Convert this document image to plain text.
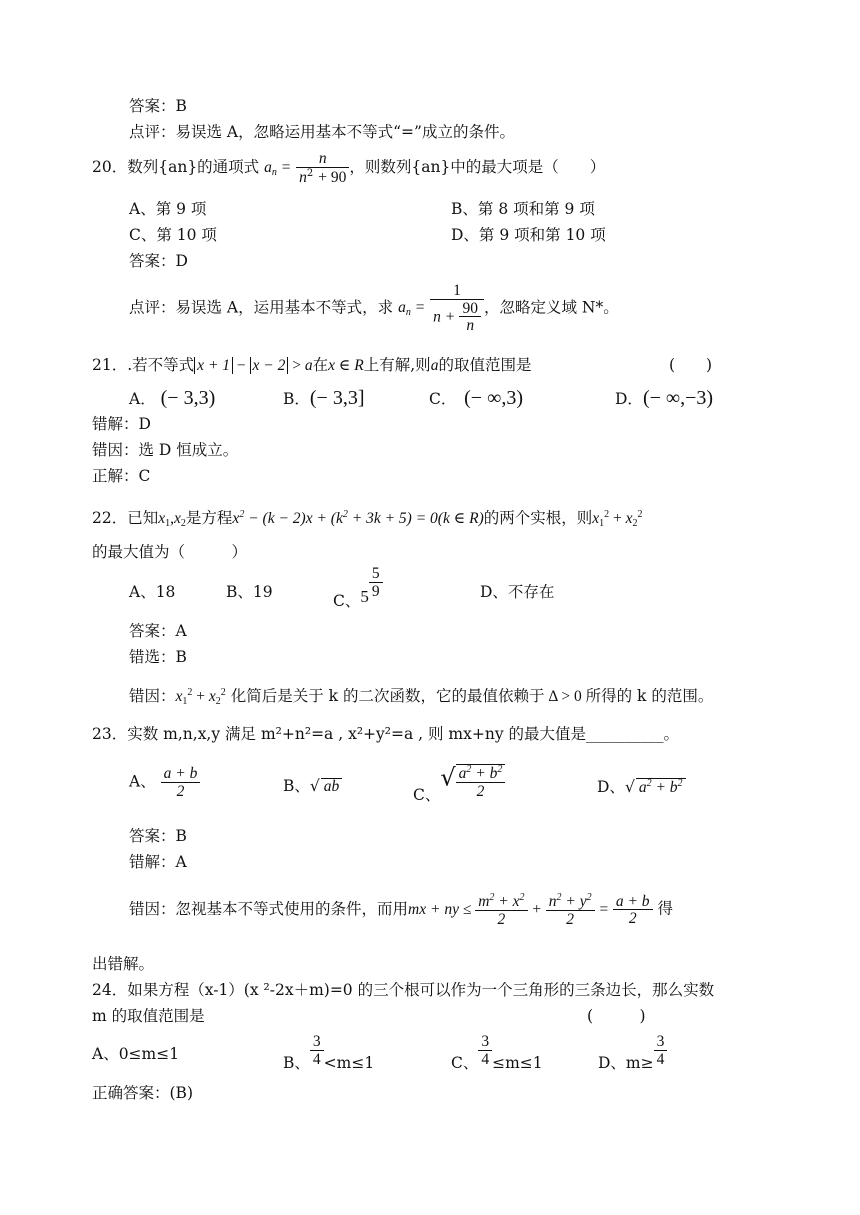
答案：B
点评：易误选 A，忽略运用基本不等式“=”成立的条件。
20．数列{an}的通项式 $a_n = \frac{n}{n^2 + 90}$ ，则数列{an}中的最大项是（　　）
A、第 9 项	B、第 8 项和第 9 项
C、第 10 项	D、第 9 项和第 10 项
答案：D
点评：易误选 A，运用基本不等式，求 $a_n = \frac{1}{n + \frac{90}{n}}$ ，忽略定义域 N*。
21．.若不等式 x + 1 − x − 2 > a在x ∈ R上有解,则a的取值范围是	(　　)
A． (− 3,3)	B．(− 3,3]	C．　 (− ∞,3)	D．(− ∞,−3)
错解：D
错因：选 D 恒成立。
正解：C
22．已知$x_1,x_2$是方程$x^2 - (k - 2)x + (k^2 + 3k + 5) = 0(k$ ∈ R)的两个实根，则$x_1^2 + x_2^2$
的最大值为（　　　）
A、18	B、19	C、$5 \frac{5}{9}$	D、不存在
答案：A
错选：B
错因：$x_1^2 + x_2^2$ 化简后是关于 k 的二次函数，它的最值依赖于 Δ > 0 所得的 k 的范围。
23．实数 m,n,x,y 满足 m²+n²=a , x²+y²=a , 则 mx+ny 的最大值是__________。
A、 $\frac{a + b}{2}$	B、√ ab	C、√ $\frac{a^2 + b^2}{2}$	D、√ $a^2 + b^2$
答案：B
错解：A
错因：忽视基本不等式使用的条件，而用mx + ny ≤ $\frac{m^2 + x^2}{2} + \frac{n^2 + y^2}{2} = \frac{a + b}{2}$ 得
出错解。
24．如果方程（x-1）(x ²-2x＋m)=0 的三个根可以作为一个三角形的三条边长，那么实数
m 的取值范围是	(　　　)
A、0≤m≤1	B、 $\frac{3}{4} <m\le 1$	C、 $\frac{3}{4} \le m\le 1$	D、$m\ge \frac{3}{4}$
正确答案：(B)
